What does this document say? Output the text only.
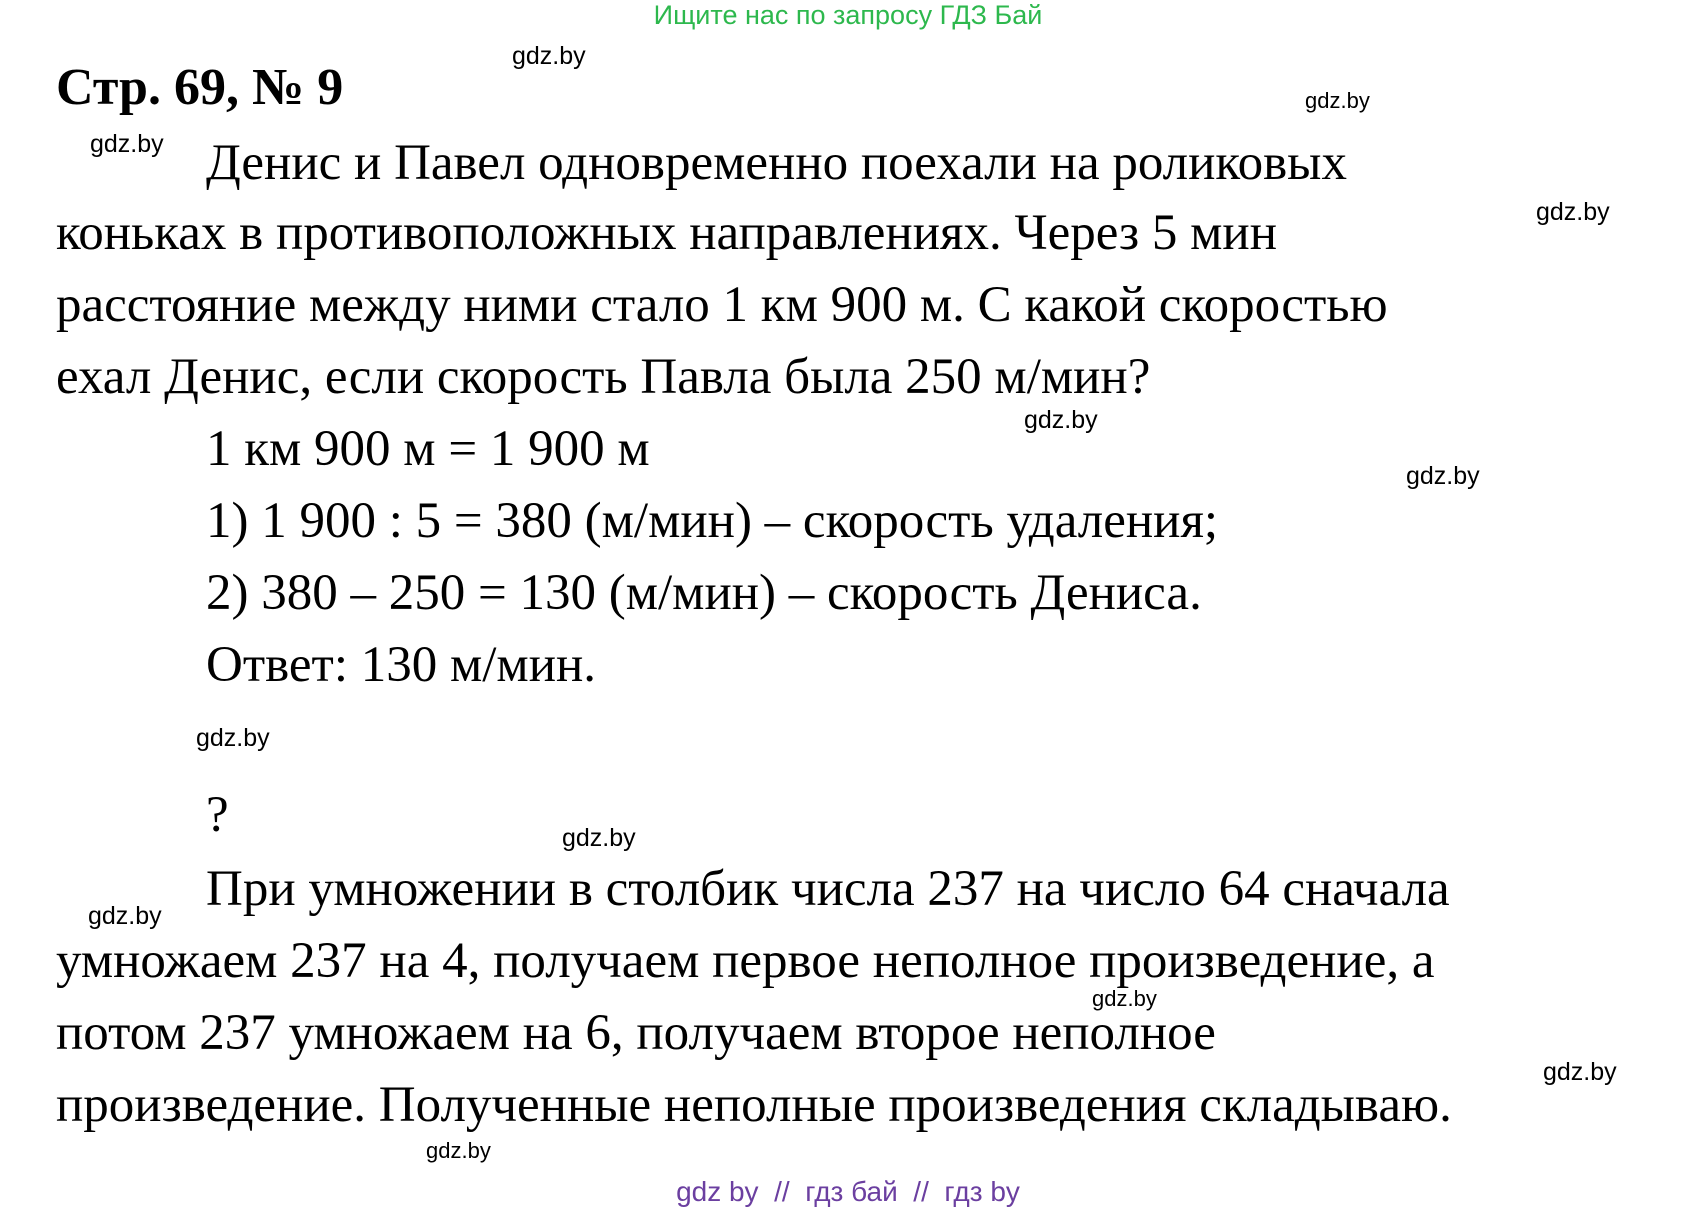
Ищите нас по запросу ГДЗ Бай
Стр. 69, № 9
Денис и Павел одновременно поехали на роликовых
коньках в противоположных направлениях. Через 5 мин
расстояние между ними стало 1 км 900 м. С какой скоростью
ехал Денис, если скорость Павла была 250 м/мин?
1 км 900 м = 1 900 м
1) 1 900 : 5 = 380 (м/мин) – скорость удаления;
2) 380 – 250 = 130 (м/мин) – скорость Дениса.
Ответ: 130 м/мин.
?
При умножении в столбик числа 237 на число 64 сначала
умножаем 237 на 4, получаем первое неполное произведение, а
потом 237 умножаем на 6, получаем второе неполное
произведение. Полученные неполные произведения складываю.
gdz.by
gdz.by
gdz.by
gdz.by
gdz.by
gdz.by
gdz.by
gdz.by
gdz.by
gdz.by
gdz.by
gdz.by
gdz by  //  гдз бай  //  гдз by
